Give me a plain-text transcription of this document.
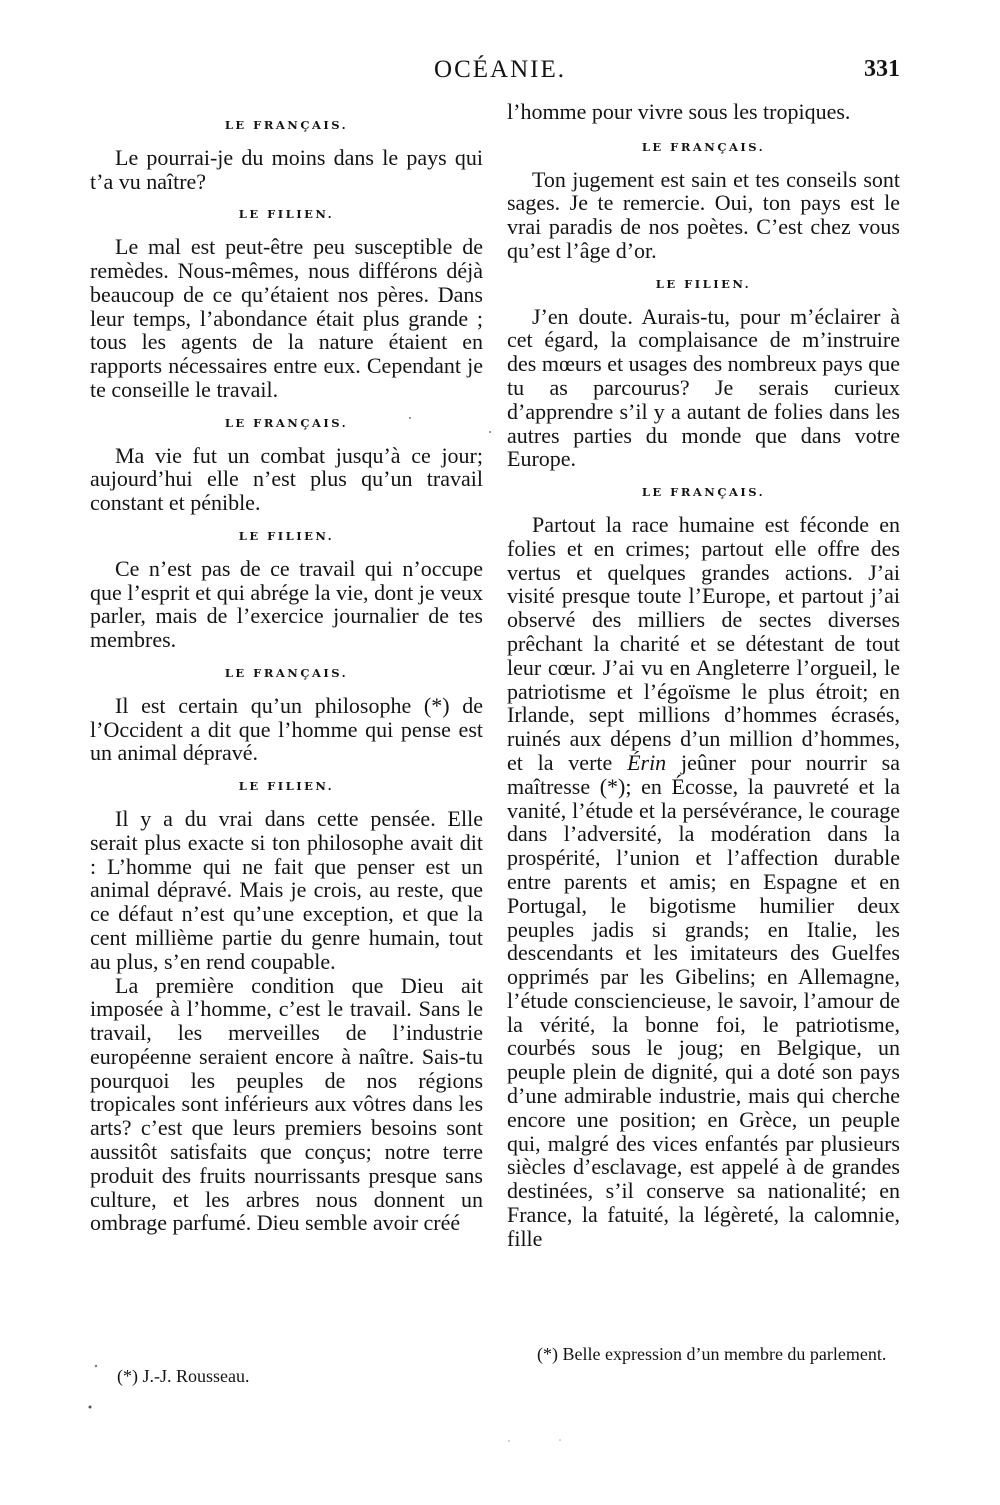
OCÉANIE.	331
LE FRANÇAIS.

Le pourrai-je du moins dans le pays qui t’a vu naître?

LE FILIEN.

Le mal est peut-être peu susceptible de remèdes. Nous-mêmes, nous différons déjà beaucoup de ce qu’étaient nos pères. Dans leur temps, l’abondance était plus grande ; tous les agents de la nature étaient en rapports nécessaires entre eux. Cependant je te conseille le travail.

LE FRANÇAIS.

Ma vie fut un combat jusqu’à ce jour; aujourd’hui elle n’est plus qu’un travail constant et pénible.

LE FILIEN.

Ce n’est pas de ce travail qui n’occupe que l’esprit et qui abrége la vie, dont je veux parler, mais de l’exercice journalier de tes membres.

LE FRANÇAIS.

Il est certain qu’un philosophe (*) de l’Occident a dit que l’homme qui pense est un animal dépravé.

LE FILIEN.

Il y a du vrai dans cette pensée. Elle serait plus exacte si ton philosophe avait dit : L’homme qui ne fait que penser est un animal dépravé. Mais je crois, au reste, que ce défaut n’est qu’une exception, et que la cent millième partie du genre humain, tout au plus, s’en rend coupable.

La première condition que Dieu ait imposée à l’homme, c’est le travail. Sans le travail, les merveilles de l’industrie européenne seraient encore à naître. Sais-tu pourquoi les peuples de nos régions tropicales sont inférieurs aux vôtres dans les arts? c’est que leurs premiers besoins sont aussitôt satisfaits que conçus; notre terre produit des fruits nourrissants presque sans culture, et les arbres nous donnent un ombrage parfumé. Dieu semble avoir créé

l’homme pour vivre sous les tropiques.

LE FRANÇAIS.

Ton jugement est sain et tes conseils sont sages. Je te remercie. Oui, ton pays est le vrai paradis de nos poètes. C’est chez vous qu’est l’âge d’or.

LE FILIEN.

J’en doute. Aurais-tu, pour m’éclairer à cet égard, la complaisance de m’instruire des mœurs et usages des nombreux pays que tu as parcourus? Je serais curieux d’apprendre s’il y a autant de folies dans les autres parties du monde que dans votre Europe.

LE FRANÇAIS.

Partout la race humaine est féconde en folies et en crimes; partout elle offre des vertus et quelques grandes actions. J’ai visité presque toute l’Europe, et partout j’ai observé des milliers de sectes diverses prêchant la charité et se détestant de tout leur cœur. J’ai vu en Angleterre l’orgueil, le patriotisme et l’égoïsme le plus étroit; en Irlande, sept millions d’hommes écrasés, ruinés aux dépens d’un million d’hommes, et la verte Érin jeûner pour nourrir sa maîtresse (*); en Écosse, la pauvreté et la vanité, l’étude et la persévérance, le courage dans l’adversité, la modération dans la prospérité, l’union et l’affection durable entre parents et amis; en Espagne et en Portugal, le bigotisme humilier deux peuples jadis si grands; en Italie, les descendants et les imitateurs des Guelfes opprimés par les Gibelins; en Allemagne, l’étude consciencieuse, le savoir, l’amour de la vérité, la bonne foi, le patriotisme, courbés sous le joug; en Belgique, un peuple plein de dignité, qui a doté son pays d’une admirable industrie, mais qui cherche encore une position; en Grèce, un peuple qui, malgré des vices enfantés par plusieurs siècles d’esclavage, est appelé à de grandes destinées, s’il conserve sa nationalité; en France, la fatuité, la légèreté, la calomnie, fille

(*) J.-J. Rousseau.
(*) Belle expression d’un membre du parlement.
